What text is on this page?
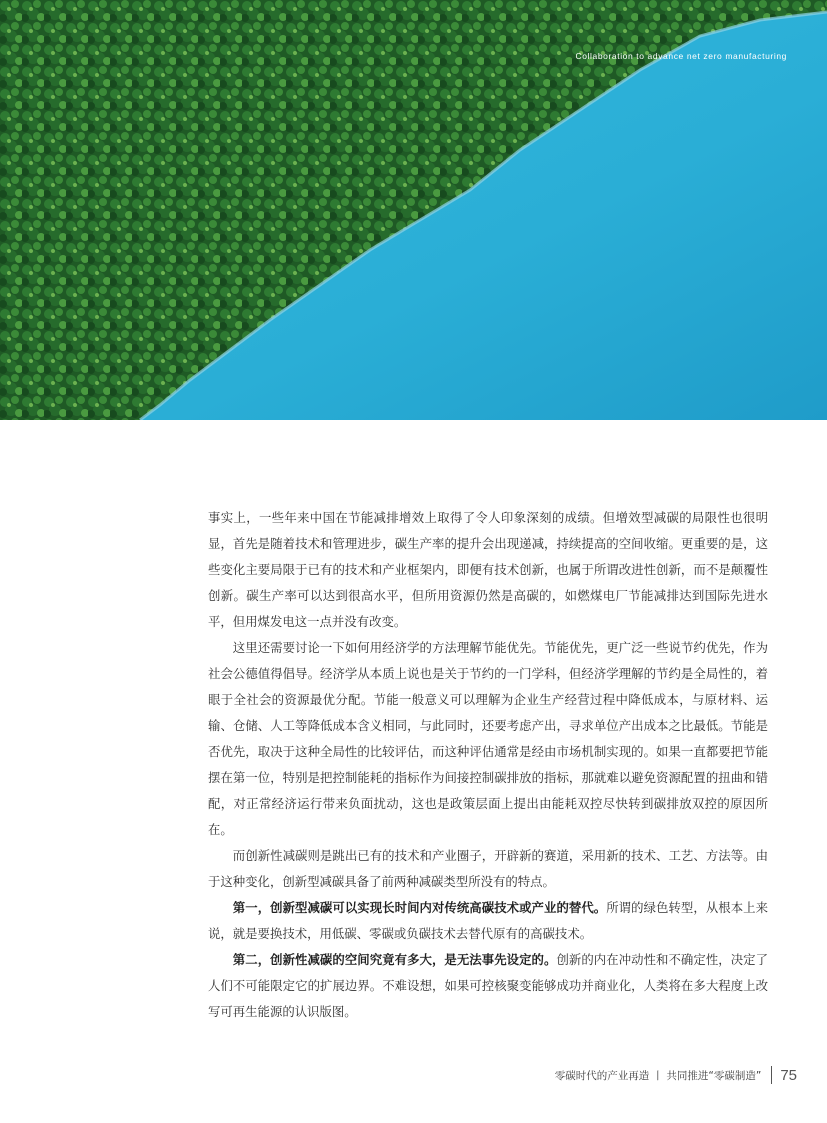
Collaboration to advance net zero manufacturing

事实上，一些年来中国在节能减排增效上取得了令人印象深刻的成绩。但增效型减碳的局限性也很明显，首先是随着技术和管理进步，碳生产率的提升会出现递减，持续提高的空间收缩。更重要的是，这些变化主要局限于已有的技术和产业框架内，即便有技术创新，也属于所谓改进性创新，而不是颠覆性创新。碳生产率可以达到很高水平，但所用资源仍然是高碳的，如燃煤电厂节能减排达到国际先进水平，但用煤发电这一点并没有改变。

这里还需要讨论一下如何用经济学的方法理解节能优先。节能优先，更广泛一些说节约优先，作为社会公德值得倡导。经济学从本质上说也是关于节约的一门学科，但经济学理解的节约是全局性的，着眼于全社会的资源最优分配。节能一般意义可以理解为企业生产经营过程中降低成本，与原材料、运输、仓储、人工等降低成本含义相同，与此同时，还要考虑产出，寻求单位产出成本之比最低。节能是否优先，取决于这种全局性的比较评估，而这种评估通常是经由市场机制实现的。如果一直都要把节能摆在第一位，特别是把控制能耗的指标作为间接控制碳排放的指标，那就难以避免资源配置的扭曲和错配，对正常经济运行带来负面扰动，这也是政策层面上提出由能耗双控尽快转到碳排放双控的原因所在。

而创新性减碳则是跳出已有的技术和产业圈子，开辟新的赛道，采用新的技术、工艺、方法等。由于这种变化，创新型减碳具备了前两种减碳类型所没有的特点。

第一，创新型减碳可以实现长时间内对传统高碳技术或产业的替代。所谓的绿色转型，从根本上来说，就是要换技术，用低碳、零碳或负碳技术去替代原有的高碳技术。

第二，创新性减碳的空间究竟有多大，是无法事先设定的。创新的内在冲动性和不确定性，决定了人们不可能限定它的扩展边界。不难设想，如果可控核聚变能够成功并商业化，人类将在多大程度上改写可再生能源的认识版图。

零碳时代的产业再造 丨 共同推进“零碳制造” 75
